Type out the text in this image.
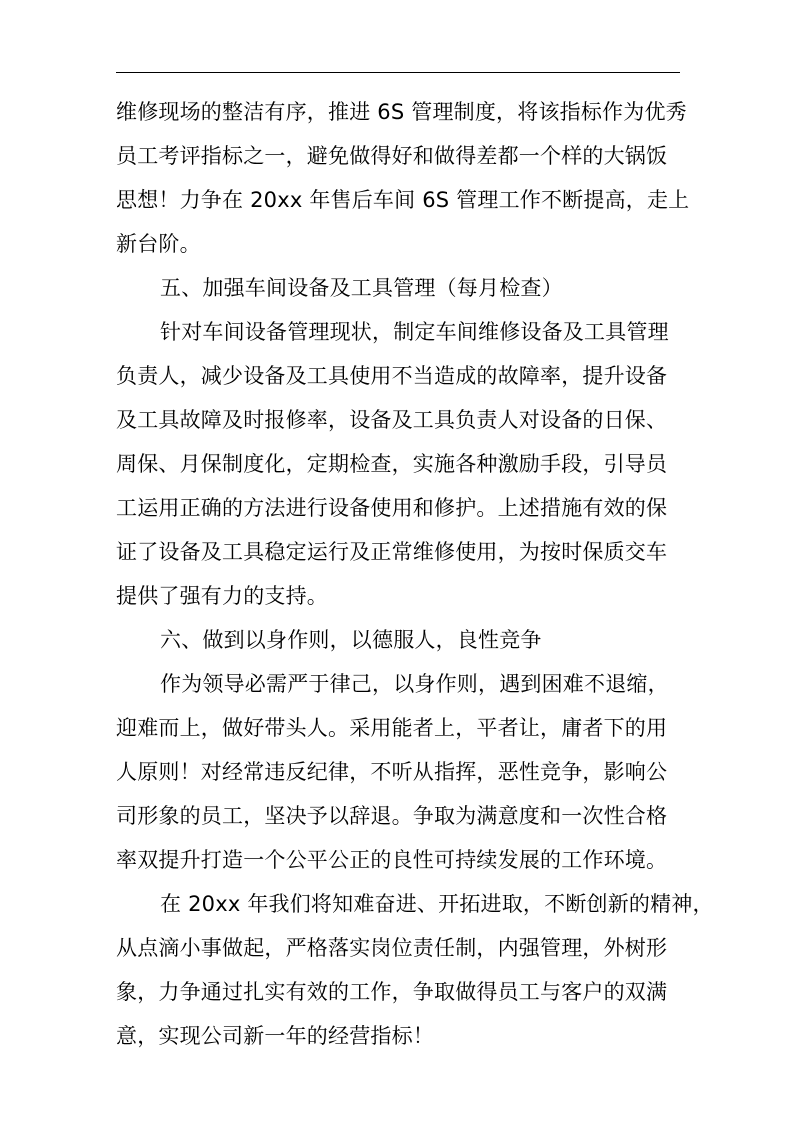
维修现场的整洁有序，推进 6S 管理制度，将该指标作为优秀
员工考评指标之一，避免做得好和做得差都一个样的大锅饭
思想！力争在 20xx 年售后车间 6S 管理工作不断提高，走上
新台阶。
五、加强车间设备及工具管理（每月检查）
针对车间设备管理现状，制定车间维修设备及工具管理
负责人，减少设备及工具使用不当造成的故障率，提升设备
及工具故障及时报修率，设备及工具负责人对设备的日保、
周保、月保制度化，定期检查，实施各种激励手段，引导员
工运用正确的方法进行设备使用和修护。上述措施有效的保
证了设备及工具稳定运行及正常维修使用，为按时保质交车
提供了强有力的支持。
六、做到以身作则，以德服人，良性竞争
作为领导必需严于律己，以身作则，遇到困难不退缩，
迎难而上，做好带头人。采用能者上，平者让，庸者下的用
人原则！对经常违反纪律，不听从指挥，恶性竞争，影响公
司形象的员工，坚决予以辞退。争取为满意度和一次性合格
率双提升打造一个公平公正的良性可持续发展的工作环境。
在 20xx 年我们将知难奋进、开拓进取，不断创新的精神，
从点滴小事做起，严格落实岗位责任制，内强管理，外树形
象，力争通过扎实有效的工作，争取做得员工与客户的双满
意，实现公司新一年的经营指标！
